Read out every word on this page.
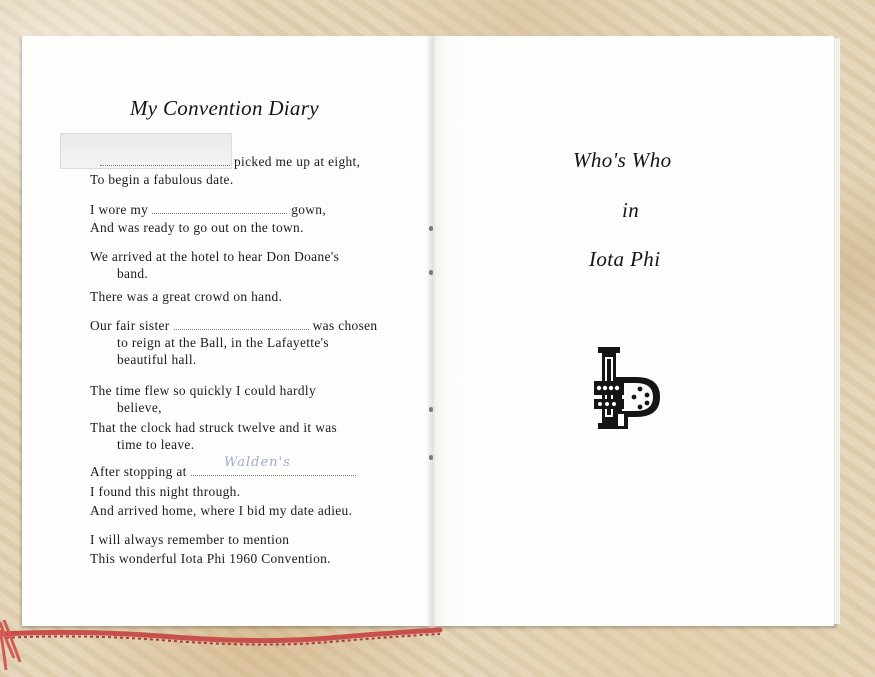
My Convention Diary
picked me up at eight,
To begin a fabulous date.
I wore my	gown,
And was ready to go out on the town.
We arrived at the hotel to hear Don Doane's
band.
There was a great crowd on hand.
Our fair sister	was chosen
to reign at the Ball, in the Lafayette's
beautiful hall.
The time flew so quickly I could hardly
believe,
That the clock had struck twelve and it was
time to leave.
After stopping at
Walden's
I found this night through.
And arrived home, where I bid my date adieu.
I will always remember to mention
This wonderful Iota Phi 1960 Convention.
Who's Who
in
Iota Phi
